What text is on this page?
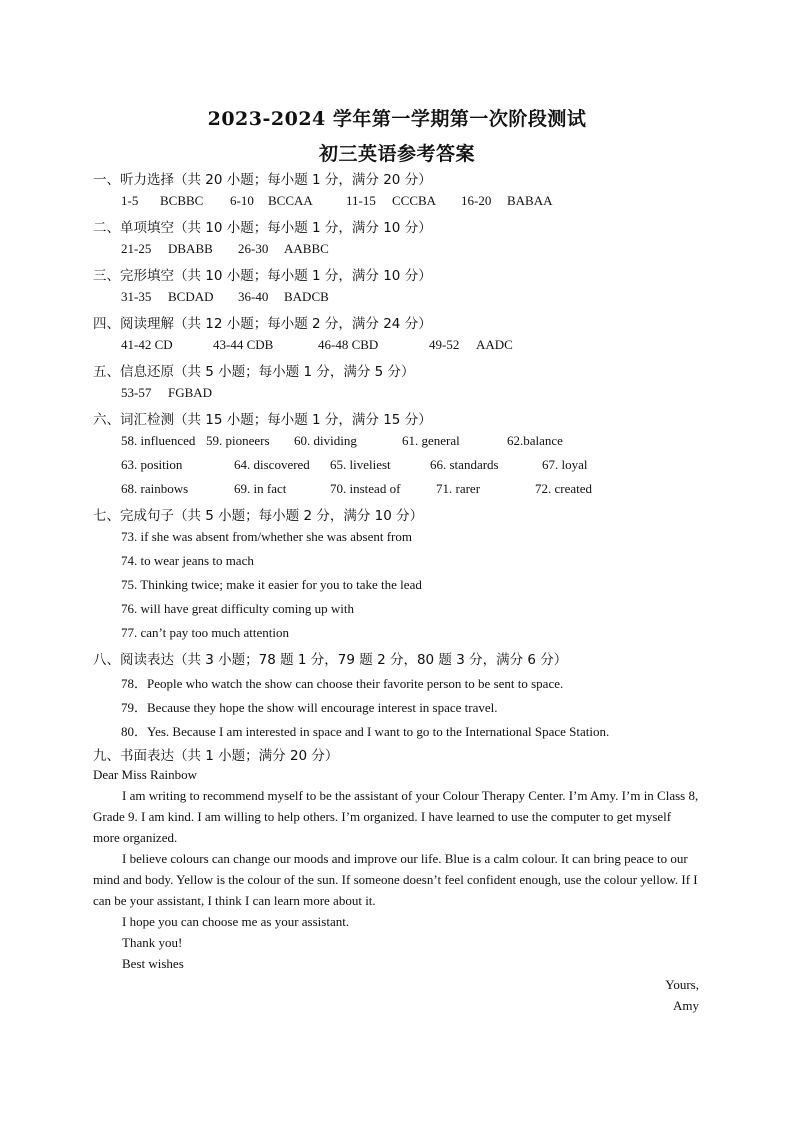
2023-2024 学年第一学期第一次阶段测试
初三英语参考答案
一、听力选择（共 20 小题；每小题 1 分，满分 20 分）
1-5 BCBBC 6-10 BCCAA	11-15 CCCBA 16-20 BABAA
二、单项填空（共 10 小题；每小题 1 分，满分 10 分）
21-25 DBABB 26-30 AABBC
三、完形填空（共 10 小题；每小题 1 分，满分 10 分）
31-35 BCDAD 36-40 BADCB
四、阅读理解（共 12 小题；每小题 2 分，满分 24 分）
41-42 CD	43-44 CDB	46-48 CBD	49-52 AADC
五、信息还原（共 5 小题；每小题 1 分，满分 5 分）
53-57 FGBAD
六、词汇检测（共 15 小题；每小题 1 分，满分 15 分）
58. influenced 59. pioneers 60. dividing	61. general	62.balance
63. position	64. discovered 65. liveliest	66. standards	67. loyal
68. rainbows	69. in fact	70. instead of	71. rarer	72. created
七、完成句子（共 5 小题；每小题 2 分，满分 10 分）
73. if she was absent from/whether she was absent from
74. to wear jeans to mach
75. Thinking twice; make it easier for you to take the lead
76. will have great difficulty coming up with
77. can’t pay too much attention
八、阅读表达（共 3 小题；78 题 1 分，79 题 2 分，80 题 3 分，满分 6 分）
78．People who watch the show can choose their favorite person to be sent to space.
79．Because they hope the show will encourage interest in space travel.
80．Yes. Because I am interested in space and I want to go to the International Space Station.
九、书面表达（共 1 小题；满分 20 分）
Dear Miss Rainbow
I am writing to recommend myself to be the assistant of your Colour Therapy Center. I’m Amy. I’m in Class 8, Grade 9. I am kind. I am willing to help others. I’m organized. I have learned to use the computer to get myself more organized.
I believe colours can change our moods and improve our life. Blue is a calm colour. It can bring peace to our mind and body. Yellow is the colour of the sun. If someone doesn’t feel confident enough, use the colour yellow. If I can be your assistant, I think I can learn more about it.
I hope you can choose me as your assistant.
Thank you!
Best wishes
Yours,
Amy
